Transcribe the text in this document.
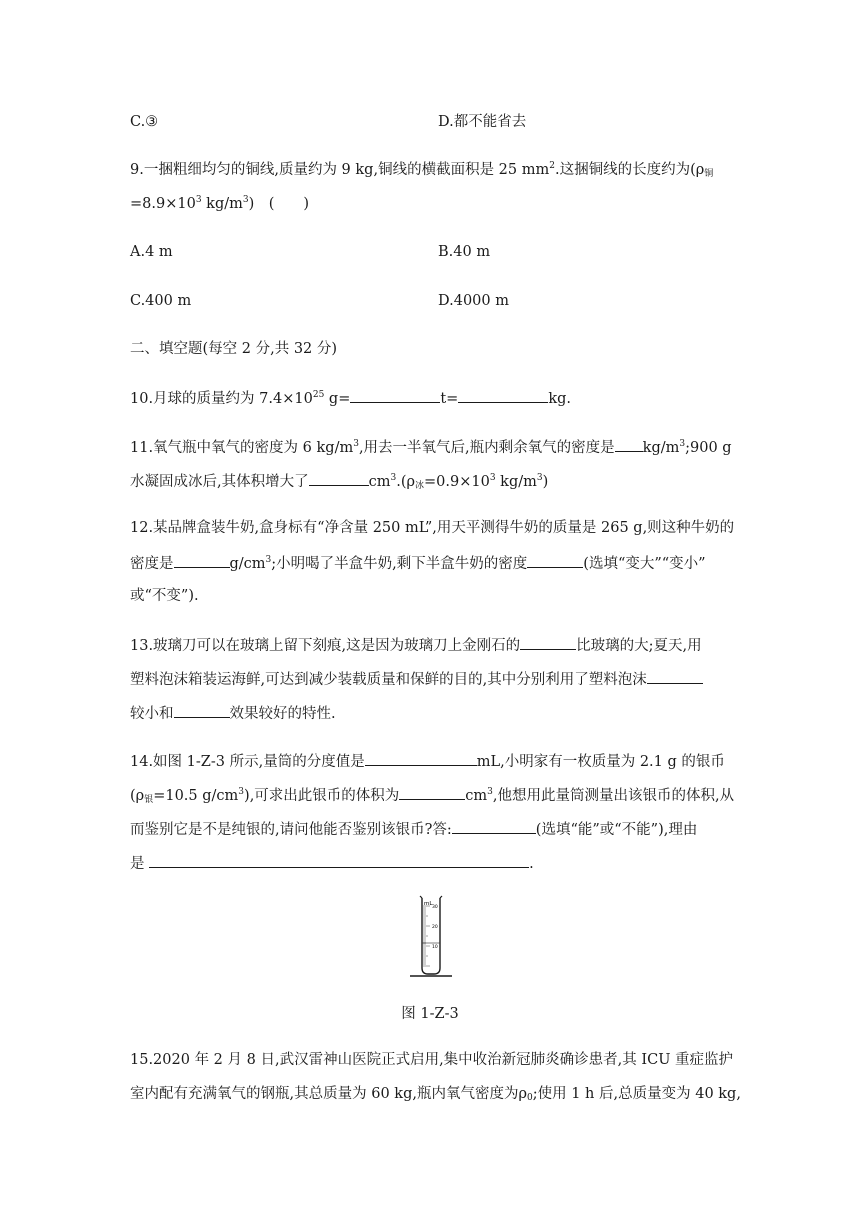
C.③	D.都不能省去
9.一捆粗细均匀的铜线,质量约为 9 kg,铜线的横截面积是 25 $mm^2$.这捆铜线的长度约为($\rho_铜$
$=8.9\times 10^3$ $kg/m^3$)　(　　)
A.4 m	B.40 m
C.400 m	D.4000 m
二、填空题(每空 2 分,共 32 分)
10.月球的质量约为 $7.4\times 10^{25}$ g=	t=	kg.
11.氧气瓶中氧气的密度为 6 $kg/m^3$,用去一半氧气后,瓶内剩余氧气的密度是 $kg/m^3;900$ g
水凝固成冰后,其体积增大了	$cm^3.(\rho_冰=0.9\times 10^3$ $kg/m^3$)
12.某品牌盒装牛奶,盒身标有“净含量 250 mL”,用天平测得牛奶的质量是 265 g,则这种牛奶的
密度是	$g/cm^3$;小明喝了半盒牛奶,剩下半盒牛奶的密度	(选填“变大”“变小”
或“不变”).
13.玻璃刀可以在玻璃上留下刻痕,这是因为玻璃刀上金刚石的	比玻璃的大;夏天,用
塑料泡沫箱装运海鲜,可达到减少装载质量和保鲜的目的,其中分别利用了塑料泡沫
较小和	效果较好的特性.
14.如图 1-Z-3 所示,量筒的分度值是	mL,小明家有一枚质量为 2.1 g 的银币
($\rho_银=10.5$ $g/cm^3$),可求出此银币的体积为	$cm^3$,他想用此量筒测量出该银币的体积,从
而鉴别它是不是纯银的,请问他能否鉴别该银币?答:	(选填“能”或“不能”),理由
是	.
mL
30
20
10
图 1-Z-3
15.2020 年 2 月 8 日,武汉雷神山医院正式启用,集中收治新冠肺炎确诊患者,其 ICU 重症监护
室内配有充满氧气的钢瓶,其总质量为 60 kg,瓶内氧气密度为$\rho_0$;使用 1 h 后,总质量变为 40 kg,
